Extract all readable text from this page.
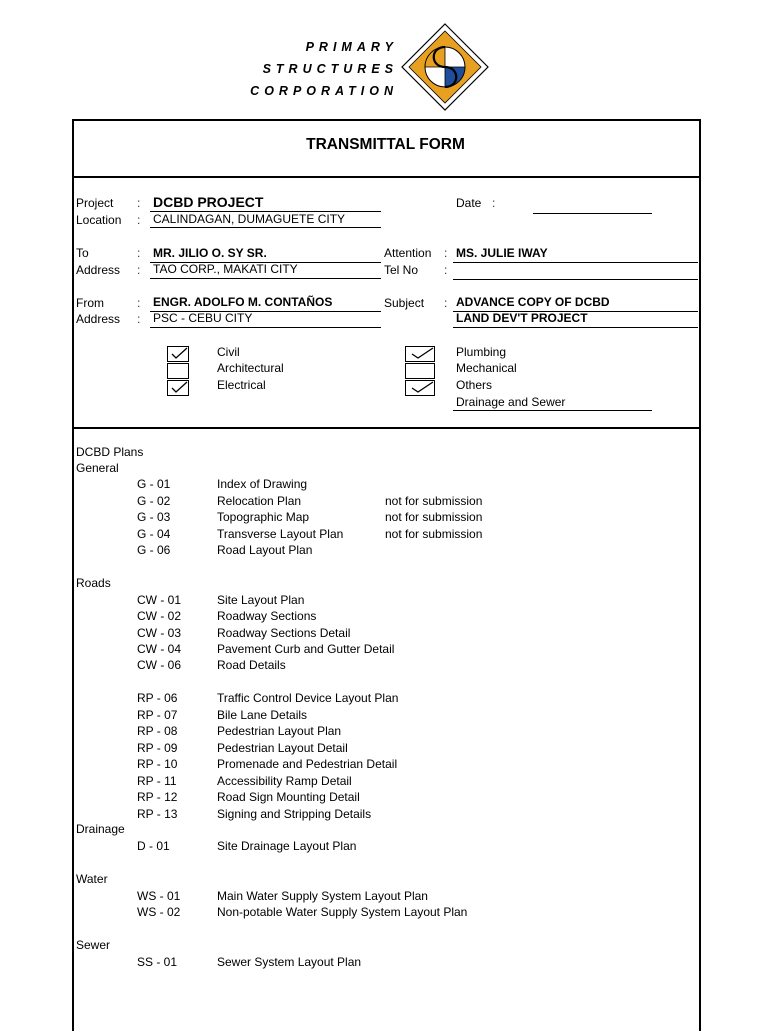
PRIMARY
STRUCTURES
CORPORATION
TRANSMITTAL FORM
Project : DCBD PROJECT
Location : CALINDAGAN, DUMAGUETE CITY
Date :
To	: MR. JILIO O. SY SR.
Address : TAO CORP., MAKATI CITY
Attention : MS. JULIE IWAY
Tel No :
From	: ENGR. ADOLFO M. CONTAÑOS
Address : PSC - CEBU CITY
Subject : ADVANCE COPY OF DCBD
LAND DEV'T PROJECT
Civil
Architectural
Electrical
Plumbing
Mechanical
Others
Drainage and Sewer
DCBD Plans
General
G - 01	Index of Drawing
G - 02	Relocation Plan	not for submission
G - 03	Topographic Map	not for submission
G - 04	Transverse Layout Plan	not for submission
G - 06	Road Layout Plan
Roads
CW - 01	Site Layout Plan
CW - 02	Roadway Sections
CW - 03	Roadway Sections Detail
CW - 04	Pavement Curb and Gutter Detail
CW - 06	Road Details
RP - 06	Traffic Control Device Layout Plan
RP - 07	Bile Lane Details
RP - 08	Pedestrian Layout Plan
RP - 09	Pedestrian Layout Detail
RP - 10	Promenade and Pedestrian Detail
RP - 11	Accessibility Ramp Detail
RP - 12	Road Sign Mounting Detail
RP - 13	Signing and Stripping Details
Drainage
D - 01	Site Drainage Layout Plan
Water
WS - 01	Main Water Supply System Layout Plan
WS - 02	Non-potable Water Supply System Layout Plan
Sewer
SS - 01	Sewer System Layout Plan
